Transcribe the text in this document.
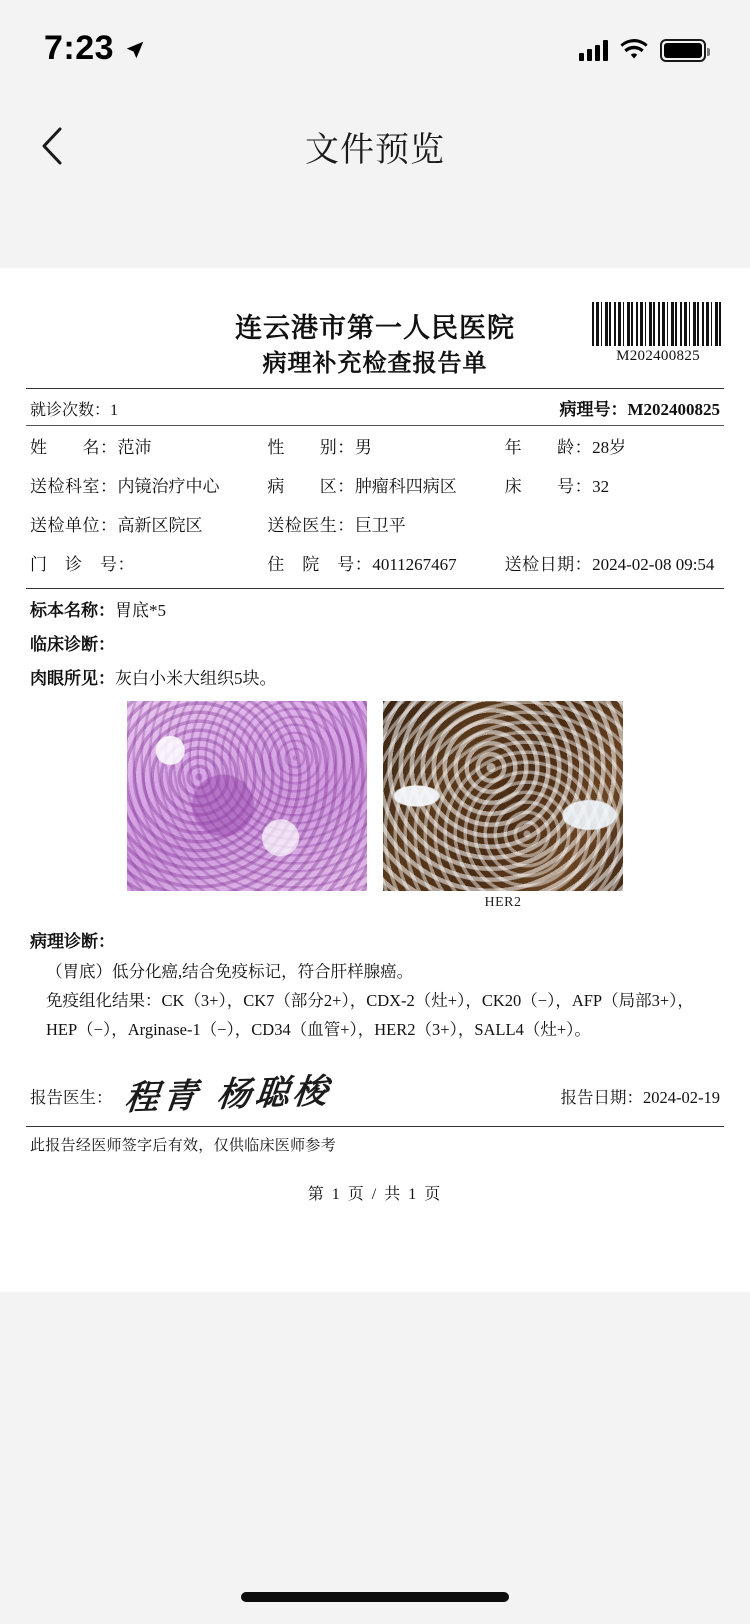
7:23
文件预览
连云港市第一人民医院
病理补充检查报告单	M202400825
就诊次数：1	病理号：M202400825
姓　　名：范沛	性　　别：男	年　　龄：28岁
送检科室：内镜治疗中心	病　　区：肿瘤科四病区	床　　号：32
送检单位：高新区院区	送检医生：巨卫平	
门　诊　号：	住　院　号：4011267467	送检日期：2024-02-08 09:54
标本名称：胃底*5
临床诊断：
肉眼所见：灰白小米大组织5块。
HER2
病理诊断：

（胃底）低分化癌,结合免疫标记，符合肝样腺癌。

免疫组化结果：CK（3+），CK7（部分2+），CDX-2（灶+），CK20（−），AFP（局部3+），HEP（−），Arginase-1（−），CD34（血管+），HER2（3+），SALL4（灶+）。

报告医生： 程青 杨聪梭	报告日期：2024-02-19
此报告经医师签字后有效，仅供临床医师参考
第 1 页 / 共 1 页
